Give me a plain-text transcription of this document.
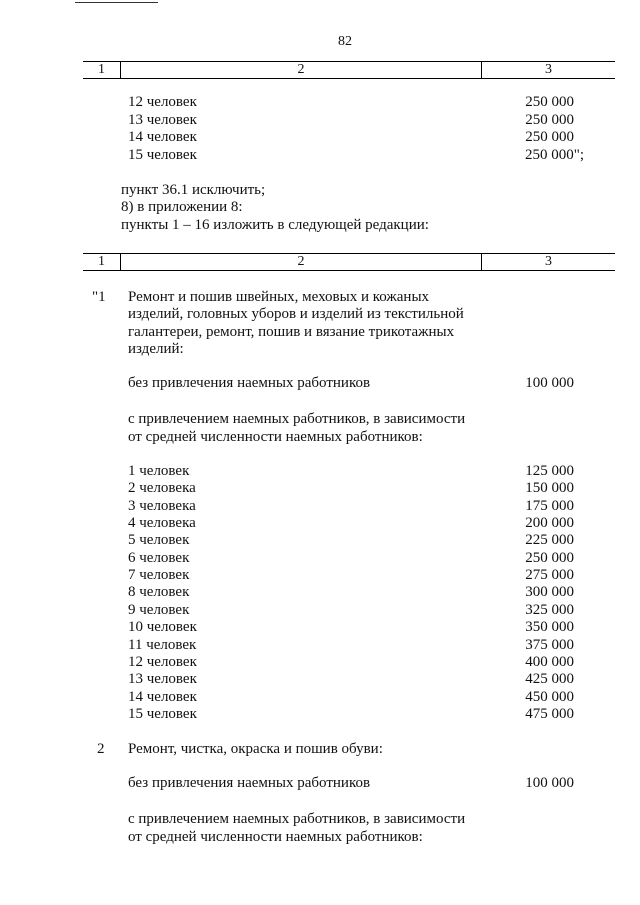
82
1	2	3
1	2	3
12 человек	250 000
13 человек	250 000
14 человек	250 000
15 человек	250 000";
пункт 36.1 исключить;
8) в приложении 8:
пункты 1 – 16 изложить в следующей редакции:
"1 Ремонт и пошив швейных, меховых и кожаных
изделий, головных уборов и изделий из текстильной
галантереи, ремонт, пошив и вязание трикотажных
изделий:
без привлечения наемных работников	100 000
с привлечением наемных работников, в зависимости
от средней численности наемных работников:
1 человек	125 000
2 человека	150 000
3 человека	175 000
4 человека	200 000
5 человек	225 000
6 человек	250 000
7 человек	275 000
8 человек	300 000
9 человек	325 000
10 человек	350 000
11 человек	375 000
12 человек	400 000
13 человек	425 000
14 человек	450 000
15 человек	475 000
2 Ремонт, чистка, окраска и пошив обуви:
без привлечения наемных работников	100 000
с привлечением наемных работников, в зависимости
от средней численности наемных работников:
